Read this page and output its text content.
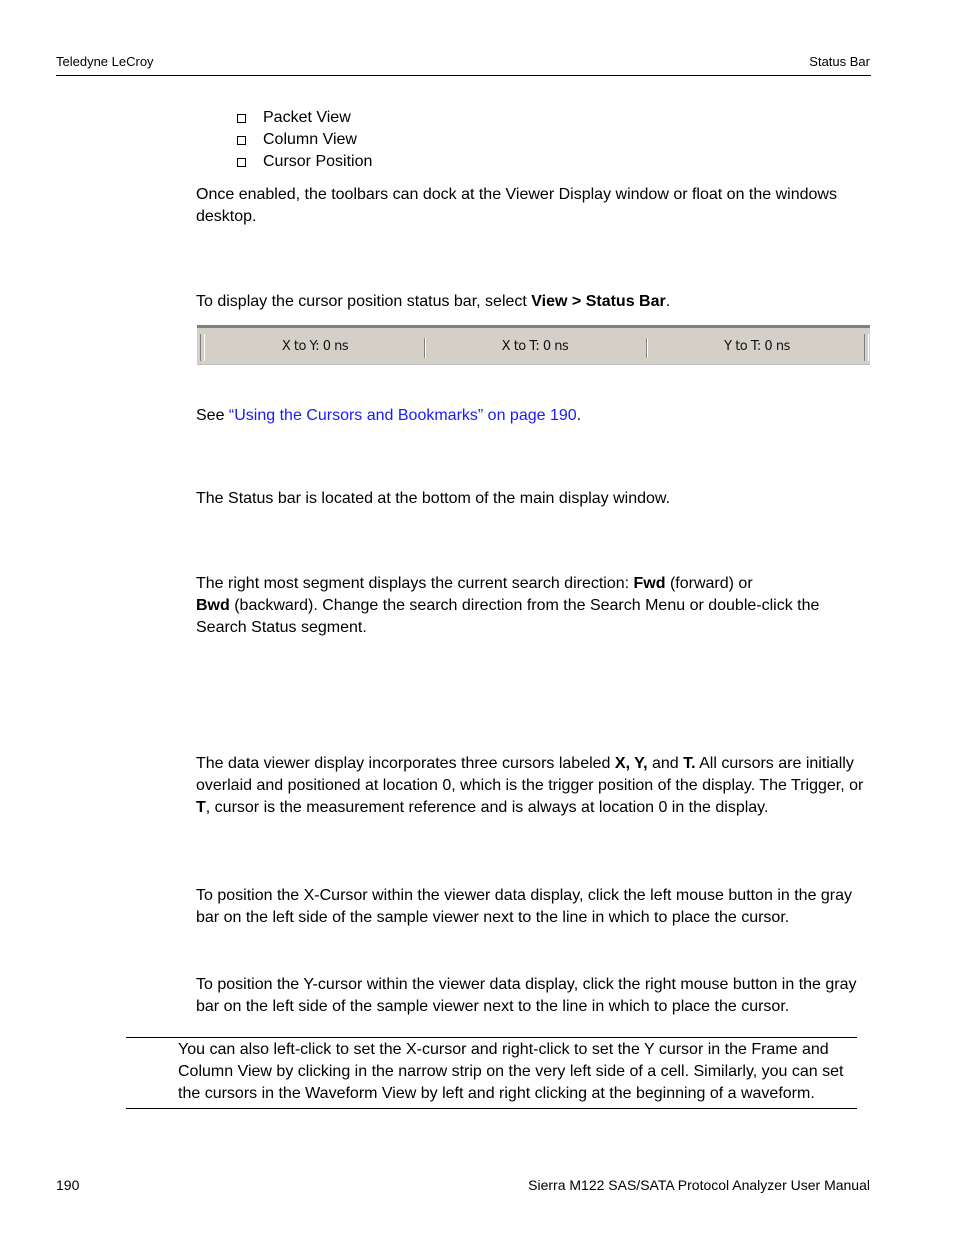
Teledyne LeCroy	Status Bar
Packet View
Column View
Cursor Position
Once enabled, the toolbars can dock at the Viewer Display window or float on the windows desktop.
To display the cursor position status bar, select View > Status Bar.
X to Y: 0 ns	X to T: 0 ns	Y to T: 0 ns
See “Using the Cursors and Bookmarks” on page 190.
The Status bar is located at the bottom of the main display window.
The right most segment displays the current search direction: Fwd (forward) or
Bwd (backward). Change the search direction from the Search Menu or double-click the Search Status segment.
The data viewer display incorporates three cursors labeled X, Y, and T. All cursors are initially overlaid and positioned at location 0, which is the trigger position of the display. The Trigger, or T, cursor is the measurement reference and is always at location 0 in the display.
To position the X-Cursor within the viewer data display, click the left mouse button in the gray bar on the left side of the sample viewer next to the line in which to place the cursor.
To position the Y-cursor within the viewer data display, click the right mouse button in the gray bar on the left side of the sample viewer next to the line in which to place the cursor.
You can also left-click to set the X-cursor and right-click to set the Y cursor in the Frame and Column View by clicking in the narrow strip on the very left side of a cell. Similarly, you can set the cursors in the Waveform View by left and right clicking at the beginning of a waveform.
190	Sierra M122 SAS/SATA Protocol Analyzer User Manual
